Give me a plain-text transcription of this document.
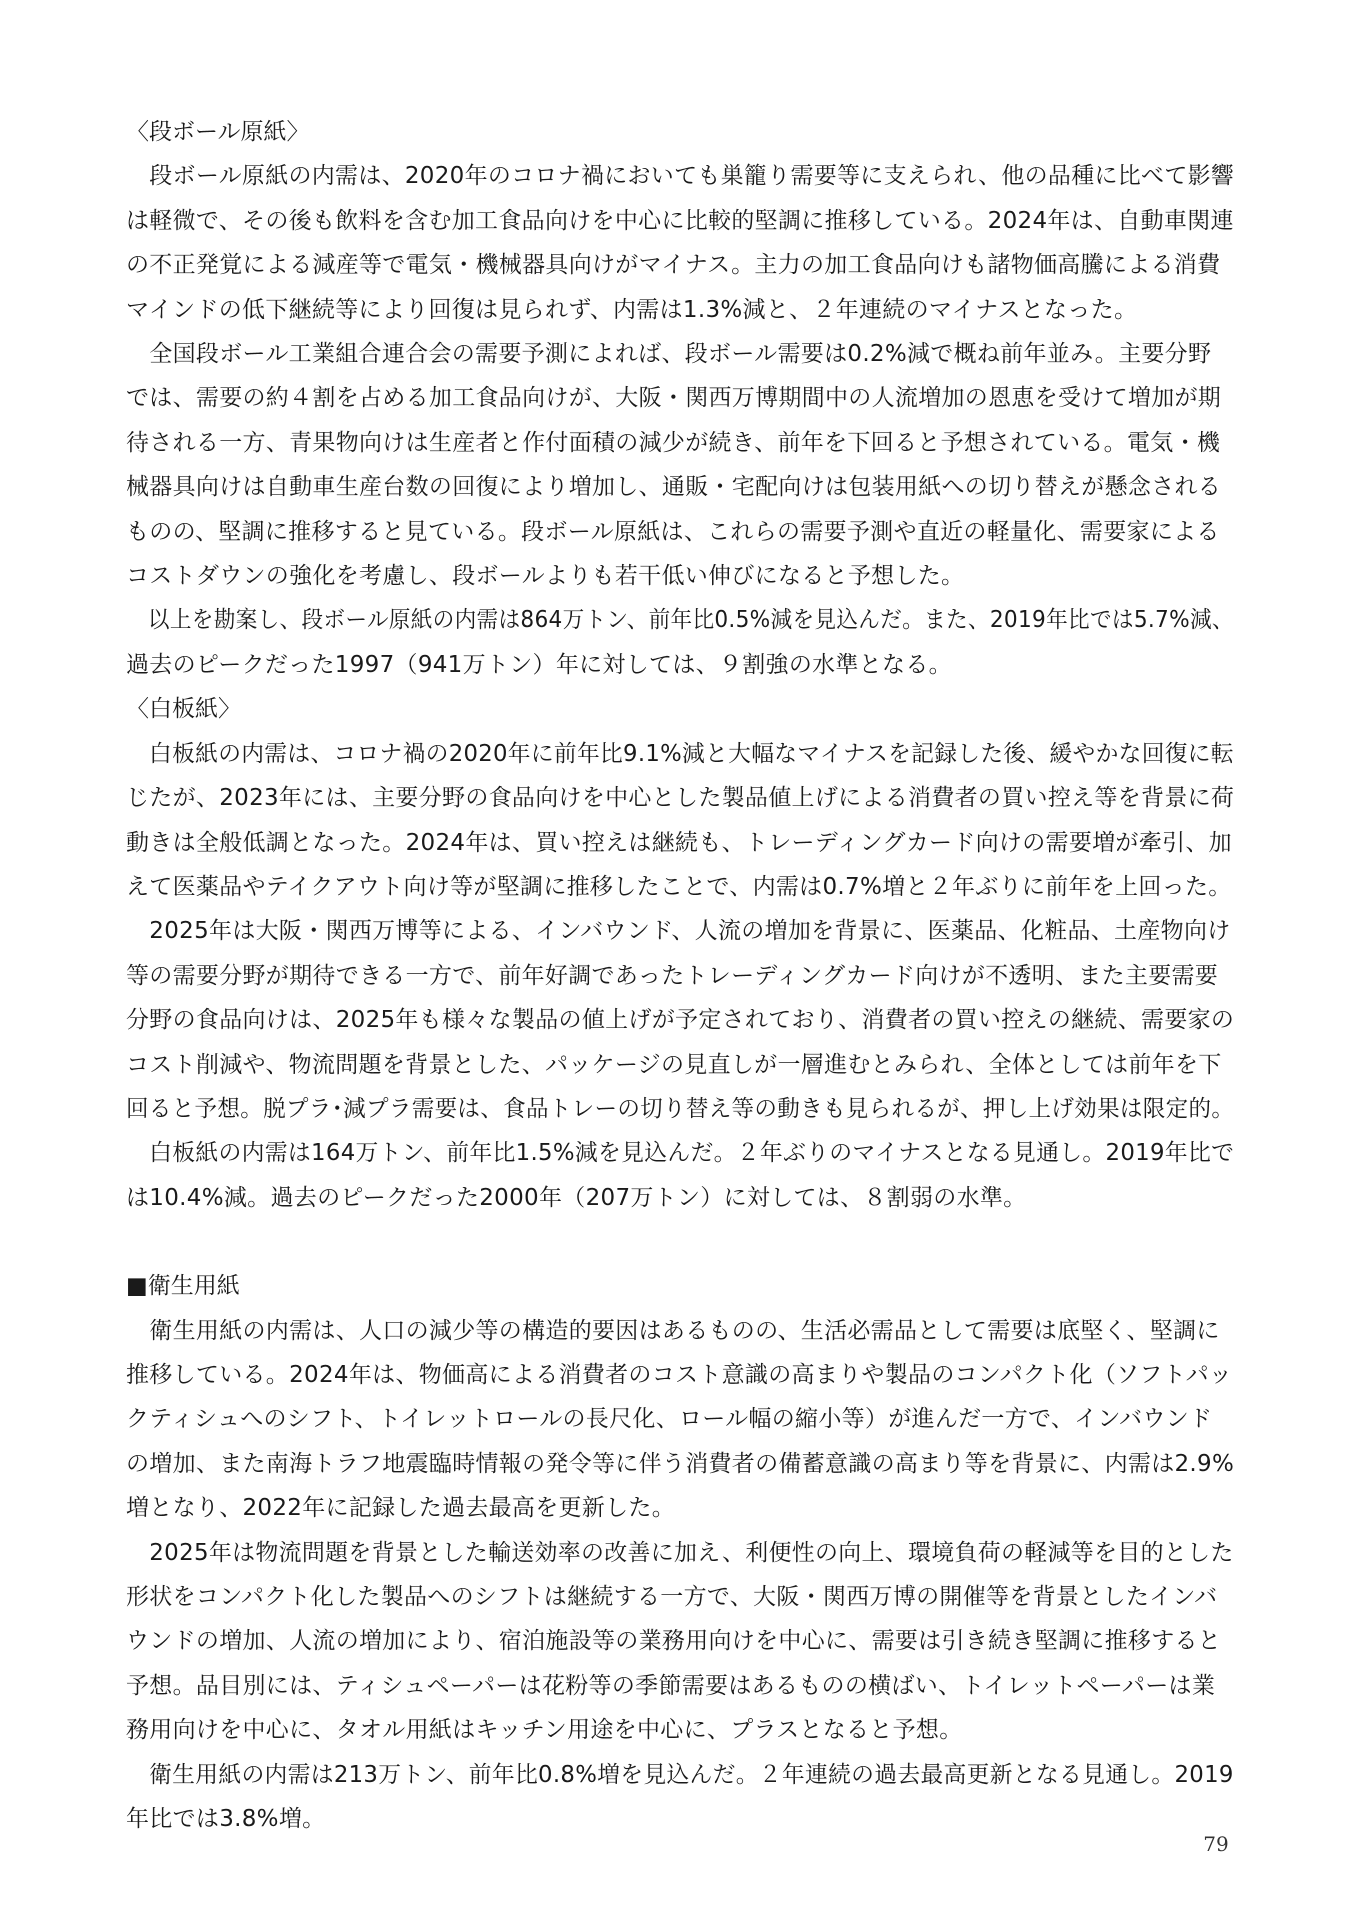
〈段ボール原紙〉

　段ボール原紙の内需は、2020年のコロナ禍においても巣籠り需要等に支えられ、他の品種に比べて影響
は軽微で、その後も飲料を含む加工食品向けを中心に比較的堅調に推移している。2024年は、自動車関連
の不正発覚による減産等で電気・機械器具向けがマイナス。主力の加工食品向けも諸物価高騰による消費
マインドの低下継続等により回復は見られず、内需は1.3%減と、２年連続のマイナスとなった。

　全国段ボール工業組合連合会の需要予測によれば、段ボール需要は0.2%減で概ね前年並み。主要分野
では、需要の約４割を占める加工食品向けが、大阪・関西万博期間中の人流増加の恩恵を受けて増加が期
待される一方、青果物向けは生産者と作付面積の減少が続き、前年を下回ると予想されている。電気・機
械器具向けは自動車生産台数の回復により増加し、通販・宅配向けは包装用紙への切り替えが懸念される
ものの、堅調に推移すると見ている。段ボール原紙は、これらの需要予測や直近の軽量化、需要家による
コストダウンの強化を考慮し、段ボールよりも若干低い伸びになると予想した。

　以上を勘案し、段ボール原紙の内需は864万トン、前年比0.5%減を見込んだ。また、2019年比では5.7%減、
過去のピークだった1997（941万トン）年に対しては、９割強の水準となる。

〈白板紙〉

　白板紙の内需は、コロナ禍の2020年に前年比9.1%減と大幅なマイナスを記録した後、緩やかな回復に転
じたが、2023年には、主要分野の食品向けを中心とした製品値上げによる消費者の買い控え等を背景に荷
動きは全般低調となった。2024年は、買い控えは継続も、トレーディングカード向けの需要増が牽引、加
えて医薬品やテイクアウト向け等が堅調に推移したことで、内需は0.7%増と２年ぶりに前年を上回った。

　2025年は大阪・関西万博等による、インバウンド、人流の増加を背景に、医薬品、化粧品、土産物向け
等の需要分野が期待できる一方で、前年好調であったトレーディングカード向けが不透明、また主要需要
分野の食品向けは、2025年も様々な製品の値上げが予定されており、消費者の買い控えの継続、需要家の
コスト削減や、物流問題を背景とした、パッケージの見直しが一層進むとみられ、全体としては前年を下
回ると予想。脱プラ･減プラ需要は、食品トレーの切り替え等の動きも見られるが、押し上げ効果は限定的。

　白板紙の内需は164万トン、前年比1.5%減を見込んだ。２年ぶりのマイナスとなる見通し。2019年比で
は10.4%減。過去のピークだった2000年（207万トン）に対しては、８割弱の水準。

■衛生用紙

　衛生用紙の内需は、人口の減少等の構造的要因はあるものの、生活必需品として需要は底堅く、堅調に
推移している。2024年は、物価高による消費者のコスト意識の高まりや製品のコンパクト化（ソフトパッ
クティシュへのシフト、トイレットロールの長尺化、ロール幅の縮小等）が進んだ一方で、インバウンド
の増加、また南海トラフ地震臨時情報の発令等に伴う消費者の備蓄意識の高まり等を背景に、内需は2.9%
増となり、2022年に記録した過去最高を更新した。

　2025年は物流問題を背景とした輸送効率の改善に加え、利便性の向上、環境負荷の軽減等を目的とした
形状をコンパクト化した製品へのシフトは継続する一方で、大阪・関西万博の開催等を背景としたインバ
ウンドの増加、人流の増加により、宿泊施設等の業務用向けを中心に、需要は引き続き堅調に推移すると
予想。品目別には、ティシュペーパーは花粉等の季節需要はあるものの横ばい、トイレットペーパーは業
務用向けを中心に、タオル用紙はキッチン用途を中心に、プラスとなると予想。

　衛生用紙の内需は213万トン、前年比0.8%増を見込んだ。２年連続の過去最高更新となる見通し。2019
年比では3.8%増。

79
